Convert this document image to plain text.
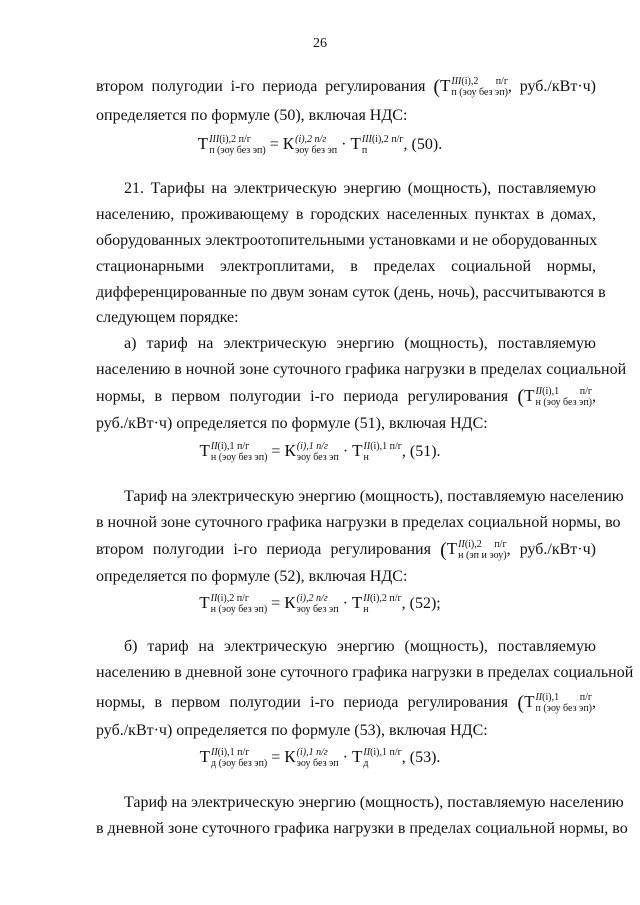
26
втором полугодии i-го периода регулирования (Т III(i),2 п/г
п (эоу без эп) , руб./кВт·ч)
определяется по формуле (50), включая НДС:
Т III(i),2 п/г
п (эоу без эп) = К (i),2 п/г
эоу без эп · Т III(i),2 п/г
п	, (50).
21. Тарифы на электрическую энергию (мощность), поставляемую
населению, проживающему в городских населенных пунктах в домах,
оборудованных электроотопительными установками и не оборудованных
стационарными электроплитами, в пределах социальной нормы,
дифференцированные по двум зонам суток (день, ночь), рассчитываются в
следующем порядке:
а) тариф на электрическую энергию (мощность), поставляемую
населению в ночной зоне суточного графика нагрузки в пределах социальной
нормы, в первом полугодии i-го периода регулирования (Т II(i),1 п/г
н (эоу без эп) ,
руб./кВт·ч) определяется по формуле (51), включая НДС:
Т II(i),1 п/г
н (эоу без эп) = К (i),1 п/г
эоу без эп · Т II(i),1 п/г
н	, (51).
Тариф на электрическую энергию (мощность), поставляемую населению
в ночной зоне суточного графика нагрузки в пределах социальной нормы, во
втором полугодии i-го периода регулирования (Т II(i),2 п/г
н (эп и эоу) , руб./кВт·ч)
определяется по формуле (52), включая НДС:
Т II(i),2 п/г
н (эоу без эп) = К (i),2 п/г
эоу без эп · Т II(i),2 п/г
н	, (52);
б) тариф на электрическую энергию (мощность), поставляемую
населению в дневной зоне суточного графика нагрузки в пределах социальной
нормы, в первом полугодии i-го периода регулирования (Т II(i),1 п/г
п (эоу без эп) ,
руб./кВт·ч) определяется по формуле (53), включая НДС:
Т II(i),1 п/г
д (эоу без эп) = К (i),1 п/г
эоу без эп · Т II(i),1 п/г
д	, (53).
Тариф на электрическую энергию (мощность), поставляемую населению
в дневной зоне суточного графика нагрузки в пределах социальной нормы, во
